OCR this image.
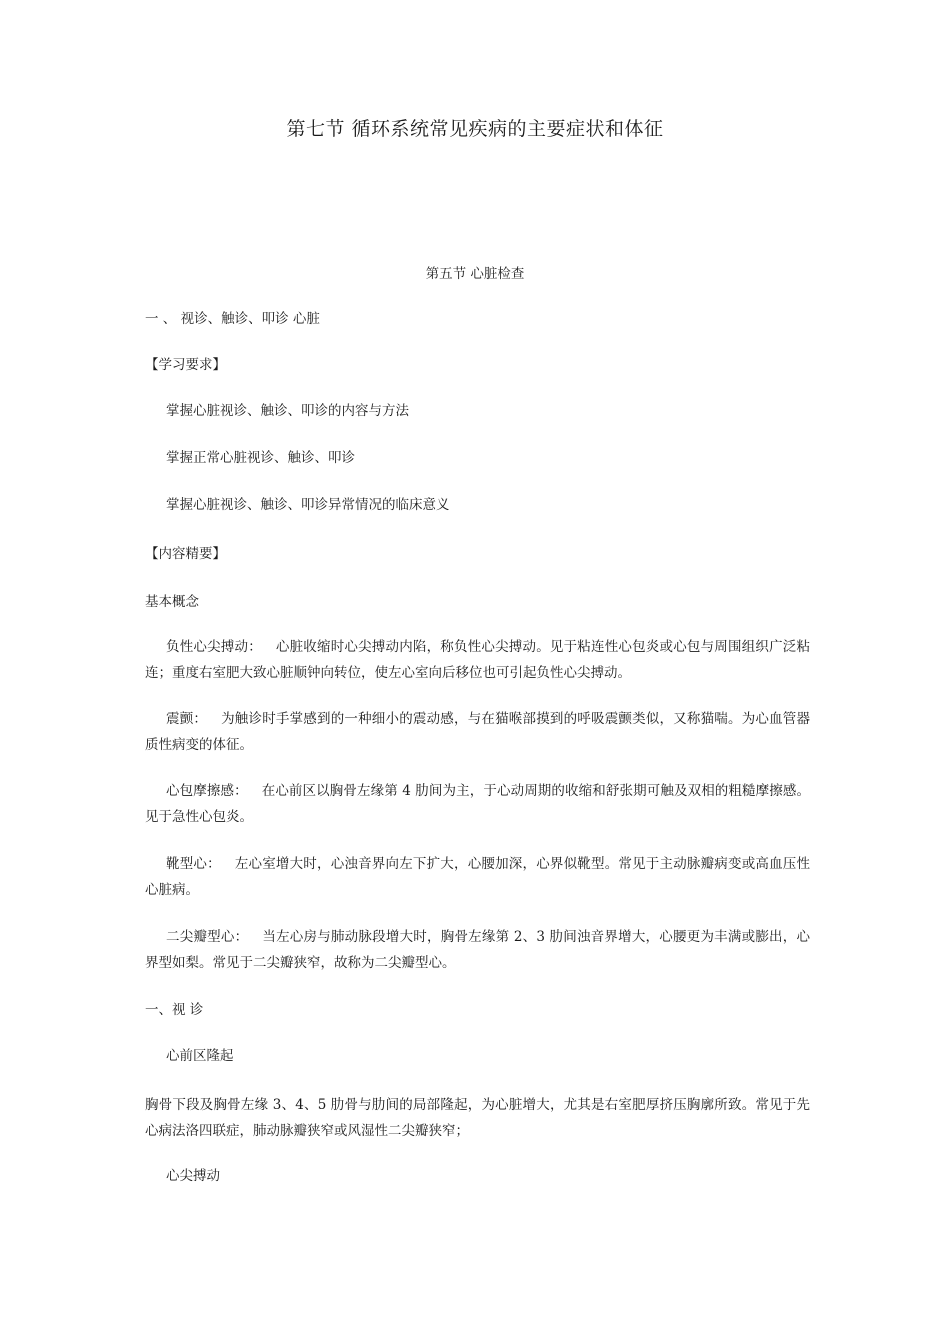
第七节 循环系统常见疾病的主要症状和体征
第五节 心脏检查
一 、 视诊、触诊、叩诊 心脏
【学习要求】
掌握心脏视诊、触诊、叩诊的内容与方法
掌握正常心脏视诊、触诊、叩诊
掌握心脏视诊、触诊、叩诊异常情况的临床意义
【内容精要】
基本概念
负性心尖搏动： 心脏收缩时心尖搏动内陷，称负性心尖搏动。见于粘连性心包炎或心包与周围组织广泛粘连；重度右室肥大致心脏顺钟向转位，使左心室向后移位也可引起负性心尖搏动。
震颤： 为触诊时手掌感到的一种细小的震动感，与在猫喉部摸到的呼吸震颤类似，又称猫喘。为心血管器质性病变的体征。
心包摩擦感： 在心前区以胸骨左缘第 4 肋间为主，于心动周期的收缩和舒张期可触及双相的粗糙摩擦感。见于急性心包炎。
靴型心： 左心室增大时，心浊音界向左下扩大，心腰加深，心界似靴型。常见于主动脉瓣病变或高血压性心脏病。
二尖瓣型心： 当左心房与肺动脉段增大时，胸骨左缘第 2、3 肋间浊音界增大，心腰更为丰满或膨出，心界型如梨。常见于二尖瓣狭窄，故称为二尖瓣型心。
一、视 诊
心前区隆起
胸骨下段及胸骨左缘 3、4、5 肋骨与肋间的局部隆起，为心脏增大，尤其是右室肥厚挤压胸廓所致。常见于先心病法洛四联症，肺动脉瓣狭窄或风湿性二尖瓣狭窄；
心尖搏动
